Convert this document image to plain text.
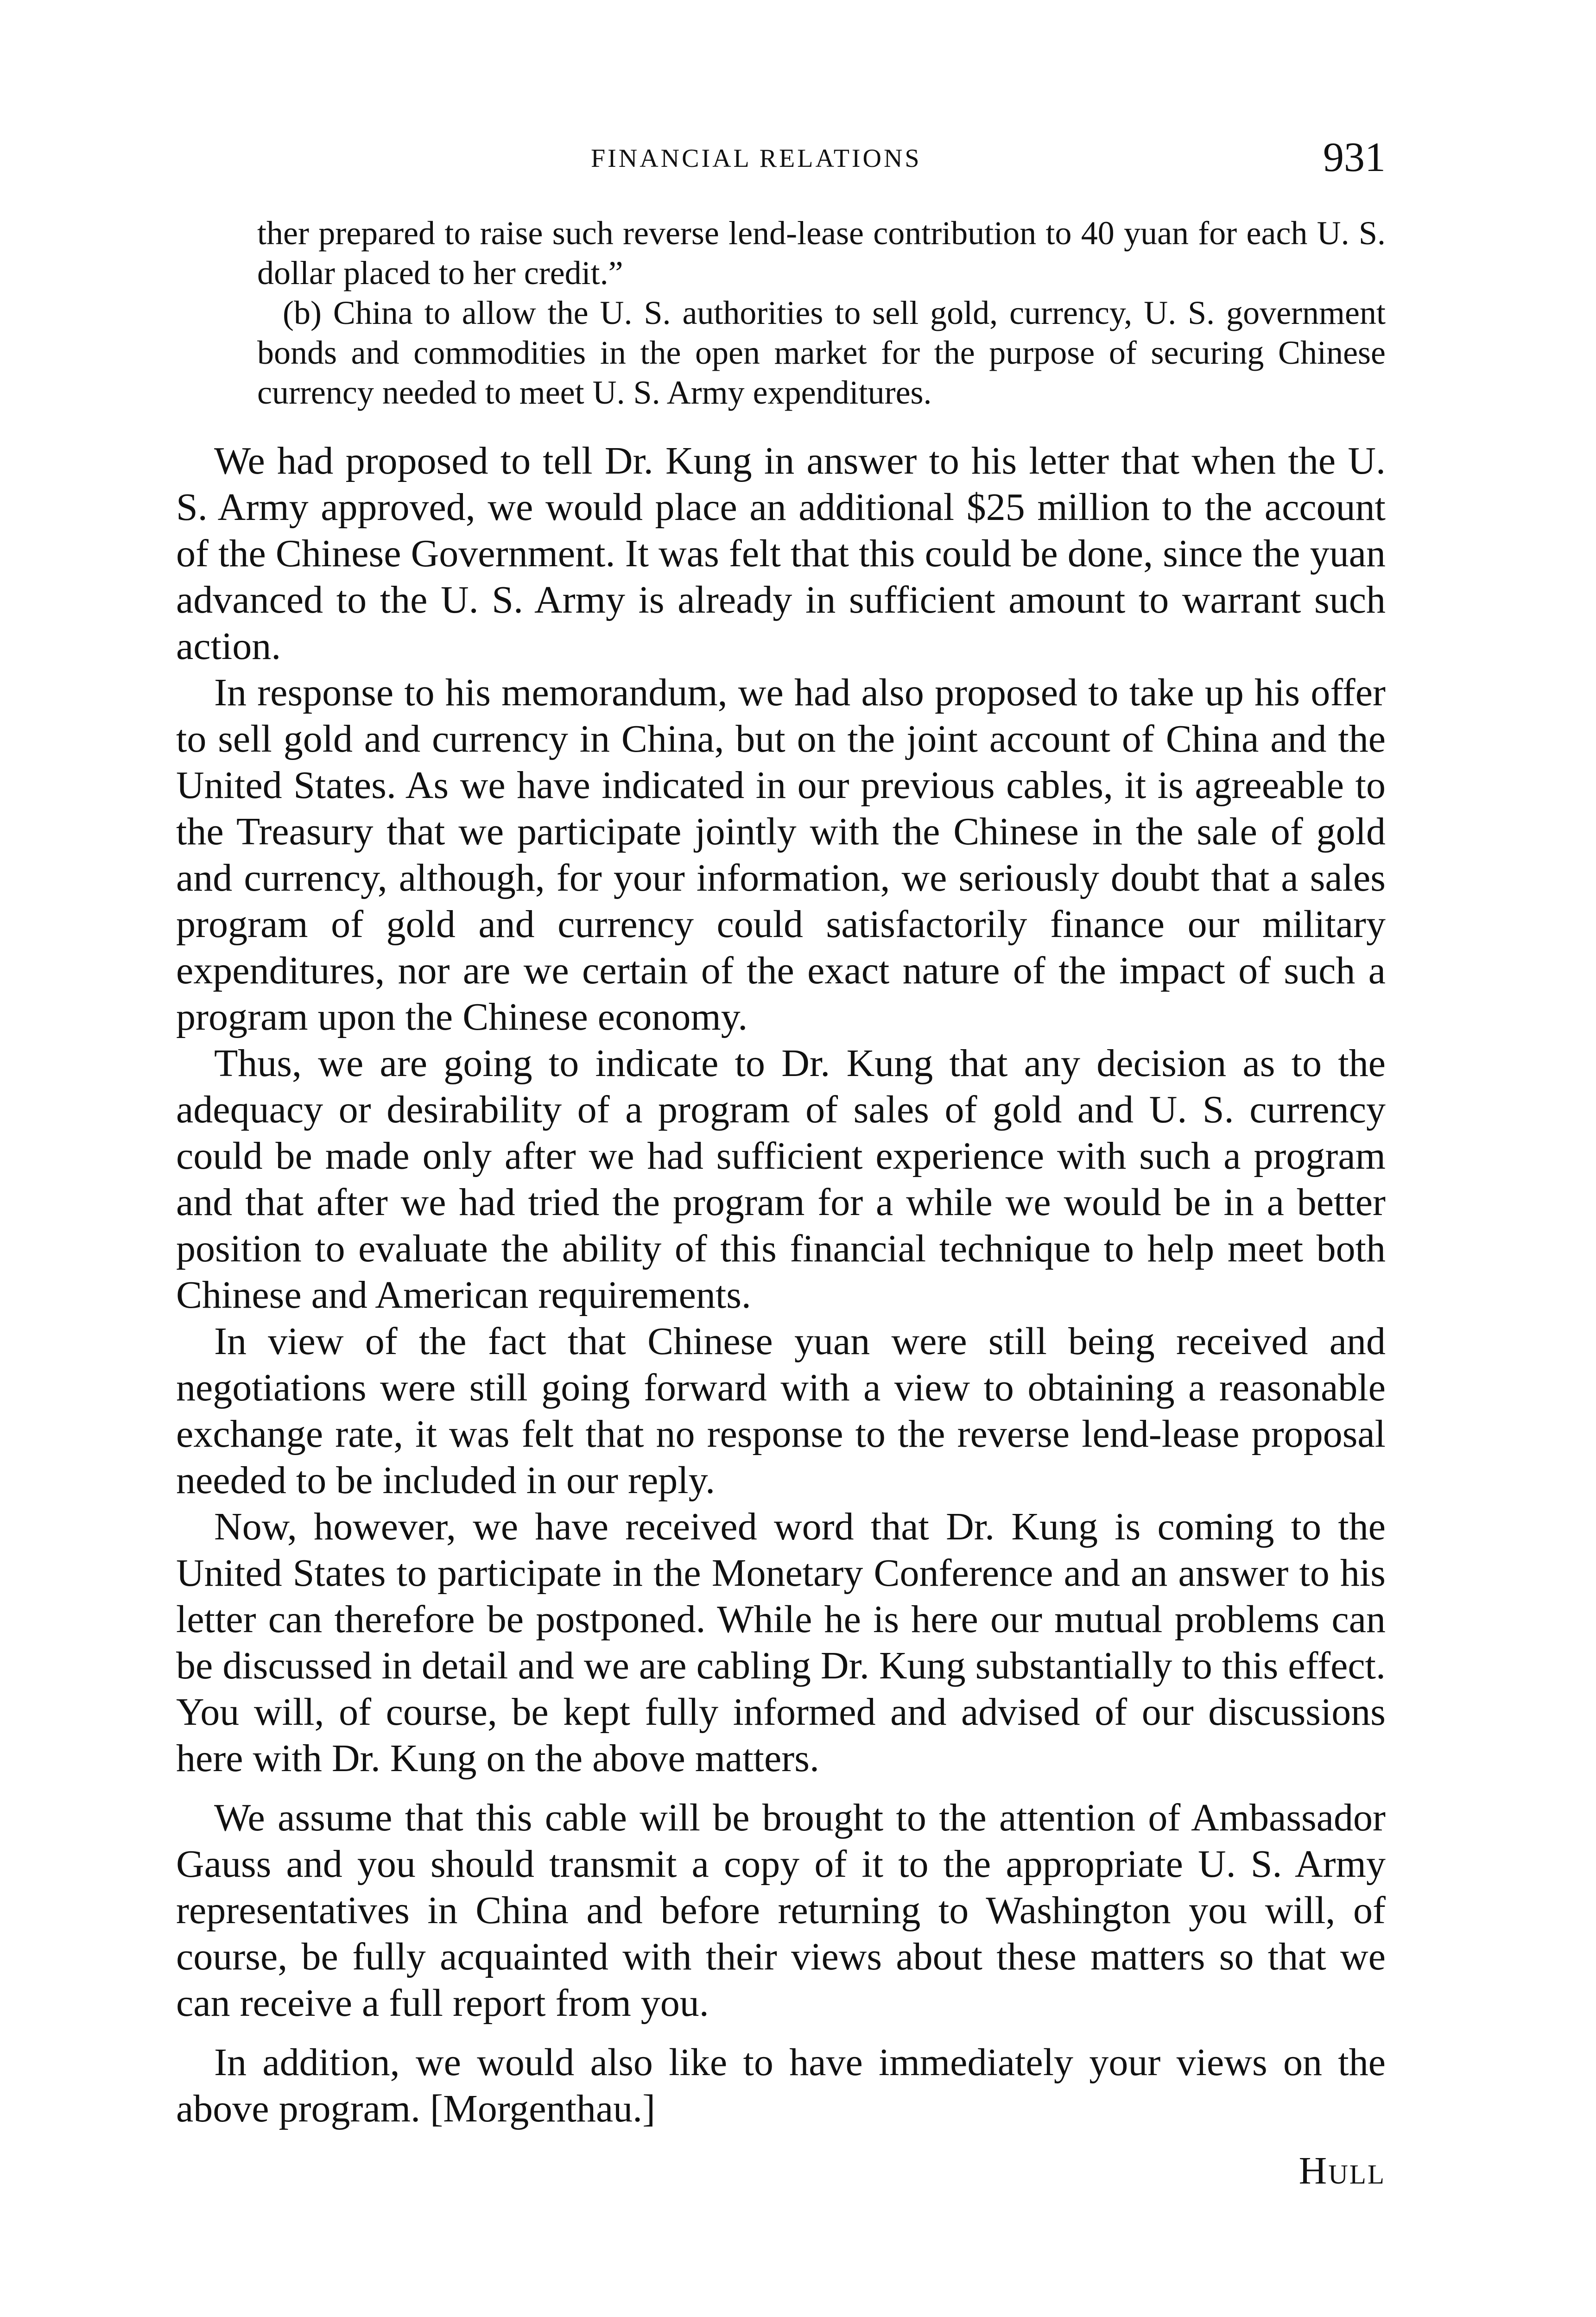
FINANCIAL RELATIONS	931

ther prepared to raise such reverse lend-lease contribution to 40 yuan for each U. S. dollar placed to her credit.”

(b) China to allow the U. S. authorities to sell gold, currency, U. S. government bonds and commodities in the open market for the purpose of securing Chinese currency needed to meet U. S. Army expenditures.

We had proposed to tell Dr. Kung in answer to his letter that when the U. S. Army approved, we would place an additional $25 million to the account of the Chinese Government. It was felt that this could be done, since the yuan advanced to the U. S. Army is already in sufficient amount to warrant such action.

In response to his memorandum, we had also proposed to take up his offer to sell gold and currency in China, but on the joint account of China and the United States. As we have indicated in our previous cables, it is agreeable to the Treasury that we participate jointly with the Chinese in the sale of gold and currency, although, for your information, we seriously doubt that a sales program of gold and currency could satisfactorily finance our military expenditures, nor are we certain of the exact nature of the impact of such a program upon the Chinese economy.

Thus, we are going to indicate to Dr. Kung that any decision as to the adequacy or desirability of a program of sales of gold and U. S. currency could be made only after we had sufficient experience with such a program and that after we had tried the program for a while we would be in a better position to evaluate the ability of this financial technique to help meet both Chinese and American requirements.

In view of the fact that Chinese yuan were still being received and negotiations were still going forward with a view to obtaining a reasonable exchange rate, it was felt that no response to the reverse lend-lease proposal needed to be included in our reply.

Now, however, we have received word that Dr. Kung is coming to the United States to participate in the Monetary Conference and an answer to his letter can therefore be postponed. While he is here our mutual problems can be discussed in detail and we are cabling Dr. Kung substantially to this effect. You will, of course, be kept fully informed and advised of our discussions here with Dr. Kung on the above matters.

We assume that this cable will be brought to the attention of Ambassador Gauss and you should transmit a copy of it to the appropriate U. S. Army representatives in China and before returning to Washington you will, of course, be fully acquainted with their views about these matters so that we can receive a full report from you.

In addition, we would also like to have immediately your views on the above program. [Morgenthau.]

Hull
